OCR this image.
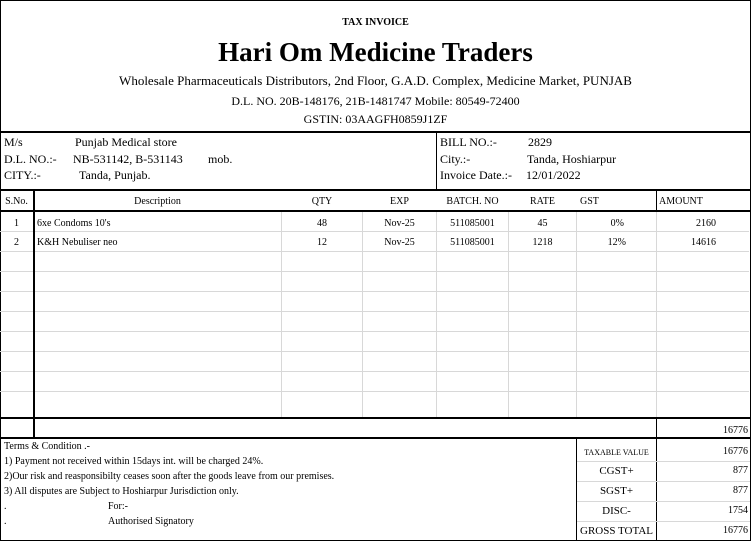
TAX INVOICE
Hari Om Medicine Traders
Wholesale Pharmaceuticals Distributors, 2nd Floor, G.A.D. Complex, Medicine Market, PUNJAB
D.L. NO. 20B-148176, 21B-1481747 Mobile: 80549-72400
GSTIN: 03AAGFH0859J1ZF
M/s	Punjab Medical store
D.L. NO.:- NB-531142, B-531143 mob.
CITY.:-	Tanda, Punjab.
BILL NO.:-	2829
City.:-	Tanda, Hoshiarpur
Invoice Date.:- 12/01/2022
S.No.	Description	QTY	EXP	BATCH. NO	RATE	GST	AMOUNT
1	6xe Condoms 10's	48	Nov-25	511085001	45	0%	2160
2	K&H Nebuliser neo	12	Nov-25	511085001	1218	12%	14616
16776
TAXABLE VALUE	16776
CGST+	877
SGST+	877
DISC-	1754
GROSS TOTAL	16776
Terms & Condition .-
1) Payment not received within 15days int. will be charged 24%.
2)Our risk and reasponsibilty ceases soon after the goods leave from our premises.
3) All disputes are Subject to Hoshiarpur Jurisdiction only.
.	For:-
.	Authorised Signatory
